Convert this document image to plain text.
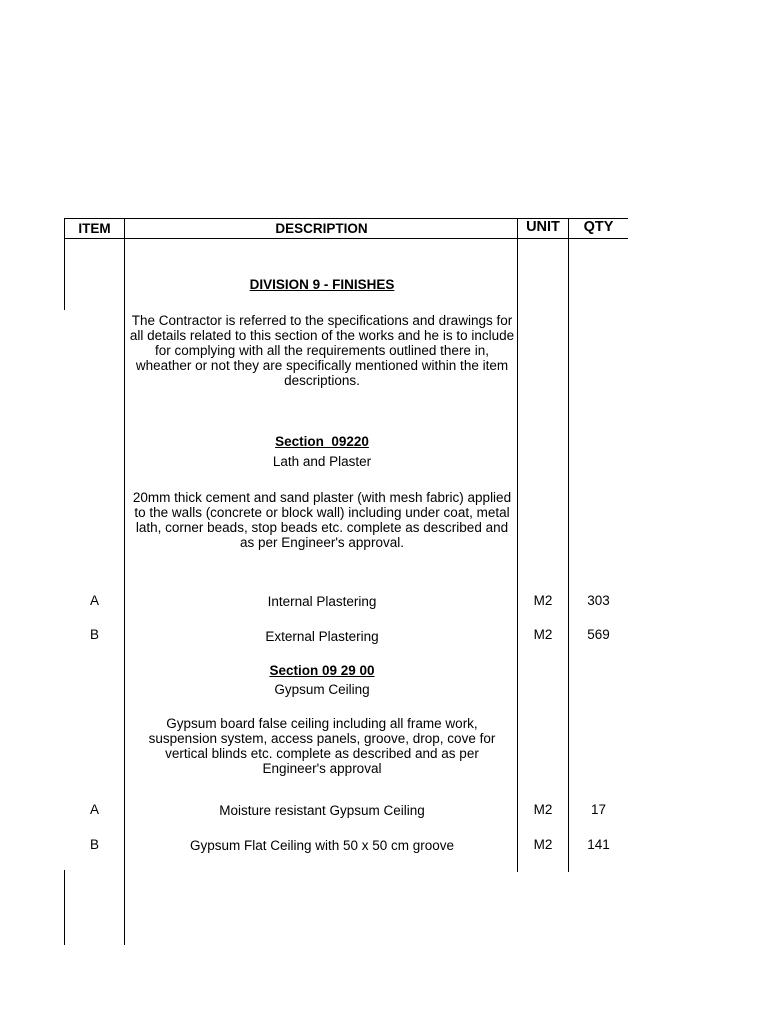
ITEM	DESCRIPTION	UNIT	QTY
DIVISION 9 - FINISHES
The Contractor is referred to the specifications and drawings for all details related to this section of the works and he is to include for complying with all the requirements outlined there in, wheather or not they are specifically mentioned within the item descriptions.
Section  09220
Lath and Plaster
20mm thick cement and sand plaster (with mesh fabric) applied to the walls (concrete or block wall) including under coat, metal lath, corner beads, stop beads etc. complete as described and as per Engineer's approval.
A	Internal Plastering	M2	303
B	External Plastering	M2	569
Section 09 29 00
Gypsum Ceiling
Gypsum board false ceiling including all frame work, suspension system, access panels, groove, drop, cove for vertical blinds etc. complete as described and as per Engineer's approval
A	Moisture resistant Gypsum Ceiling	M2	17
B	Gypsum Flat Ceiling with 50 x 50 cm groove	M2	141
